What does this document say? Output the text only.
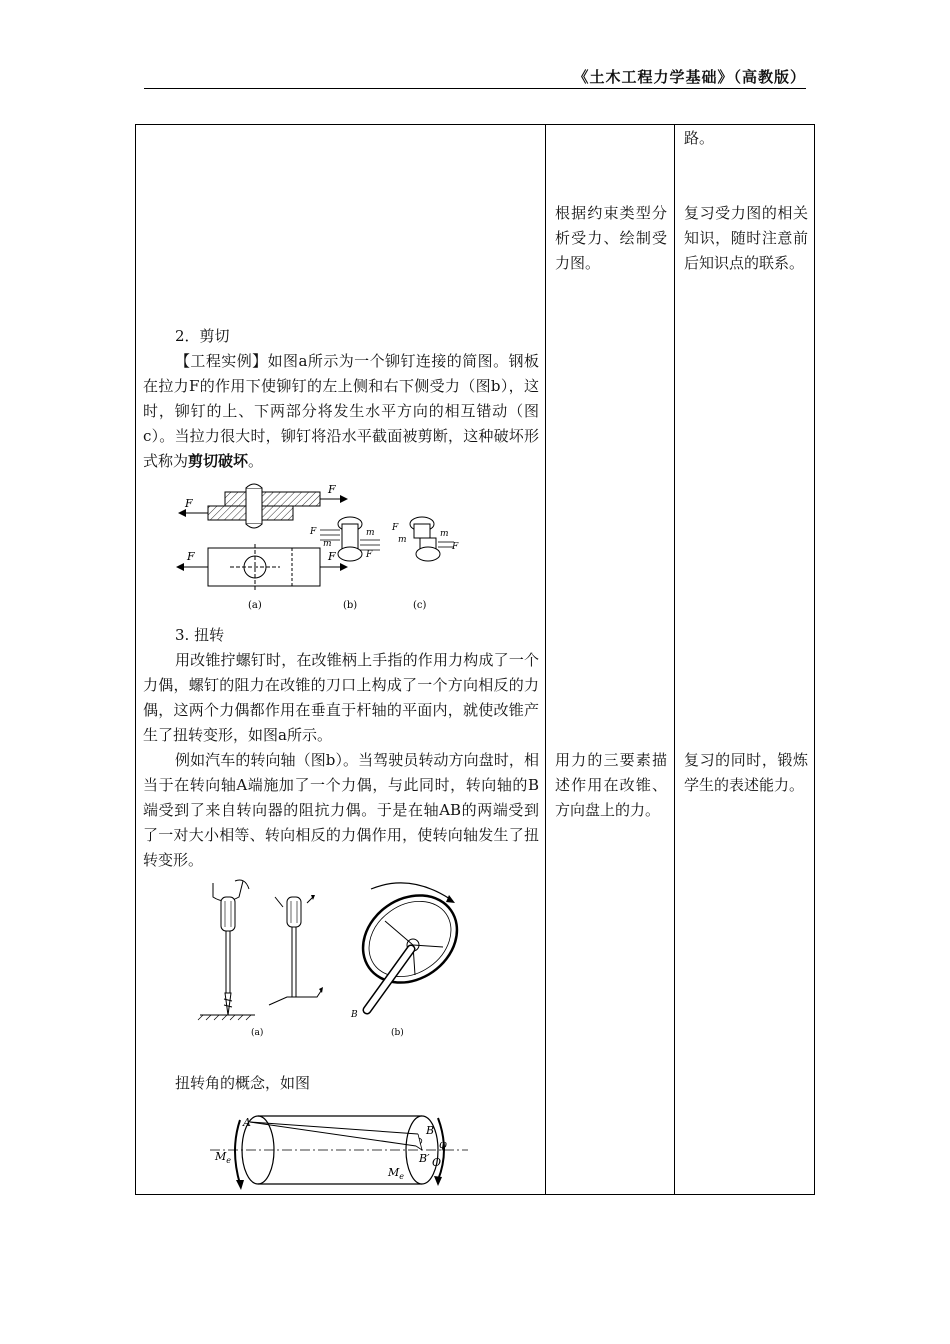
《土木工程力学基础》（高教版）
路。
根据约束类型分析受力、绘制受力图。
复习受力图的相关知识，随时注意前后知识点的联系。
2．剪切
【工程实例】如图a所示为一个铆钉连接的简图。钢板在拉力F的作用下使铆钉的左上侧和右下侧受力（图b），这时，铆钉的上、下两部分将发生水平方向的相互错动（图c）。当拉力很大时，铆钉将沿水平截面被剪断，这种破坏形式称为剪切破坏。
F
F
F	F
(a)
F
m
m
F
(b)
F
m
m
F
(c)
3. 扭转
用改锥拧螺钉时，在改锥柄上手指的作用力构成了一个力偶，螺钉的阻力在改锥的刀口上构成了一个方向相反的力偶，这两个力偶都作用在垂直于杆轴的平面内，就使改锥产生了扭转变形，如图a所示。
例如汽车的转向轴（图b）。当驾驶员转动方向盘时，相当于在转向轴A端施加了一个力偶，与此同时，转向轴的B端受到了来自转向器的阻抗力偶。于是在轴AB的两端受到了一对大小相等、转向相反的力偶作用，使转向轴发生了扭转变形。
用力的三要素描述作用在改锥、方向盘上的力。
复习的同时，锻炼学生的表述能力。
(a)
B
(b)
扭转角的概念，如图
A
B
φ
B′ O
$M_e$
$M_e$
